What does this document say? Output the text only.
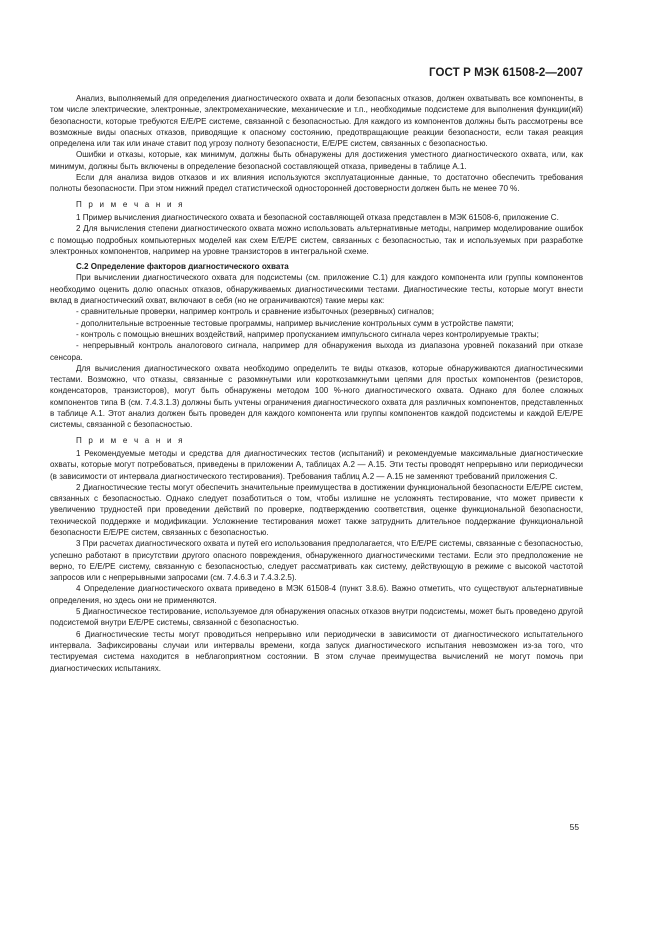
ГОСТ Р МЭК 61508-2—2007

Анализ, выполняемый для определения диагностического охвата и доли безопасных отказов, должен охватывать все компоненты, в том числе электрические, электронные, электромеханические, механические и т.п., необходимые подсистеме для выполнения функции(ий) безопасности, которые требуются E/E/PE системе, связанной с безопасностью. Для каждого из компонентов должны быть рассмотрены все возможные виды опасных отказов, приводящие к опасному состоянию, предотвращающие реакции безопасности, если такая реакция определена или так или иначе ставит под угрозу полноту безопасности, E/E/PE систем, связанных с безопасностью.

Ошибки и отказы, которые, как минимум, должны быть обнаружены для достижения уместного диагностического охвата, или, как минимум, должны быть включены в определение безопасной составляющей отказа, приведены в таблице А.1.

Если для анализа видов отказов и их влияния используются эксплуатационные данные, то достаточно обеспечить требования полноты безопасности. При этом нижний предел статистической односторонней достоверности должен быть не менее 70 %.

П р и м е ч а н и я

1 Пример вычисления диагностического охвата и безопасной составляющей отказа представлен в МЭК 61508-6, приложение С.

2 Для вычисления степени диагностического охвата можно использовать альтернативные методы, например моделирование ошибок с помощью подробных компьютерных моделей как схем E/E/PE систем, связанных с безопасностью, так и используемых при разработке электронных компонентов, например на уровне транзисторов в интегральной схеме.

С.2 Определение факторов диагностического охвата

При вычислении диагностического охвата для подсистемы (см. приложение С.1) для каждого компонента или группы компонентов необходимо оценить долю опасных отказов, обнаруживаемых диагностическими тестами. Диагностические тесты, которые могут внести вклад в диагностический охват, включают в себя (но не ограничиваются) такие меры как:

- сравнительные проверки, например контроль и сравнение избыточных (резервных) сигналов;

- дополнительные встроенные тестовые программы, например вычисление контрольных сумм в устройстве памяти;

- контроль с помощью внешних воздействий, например пропусканием импульсного сигнала через контролируемые тракты;

- непрерывный контроль аналогового сигнала, например для обнаружения выхода из диапазона уровней показаний при отказе сенсора.

Для вычисления диагностического охвата необходимо определить те виды отказов, которые обнаруживаются диагностическими тестами. Возможно, что отказы, связанные с разомкнутыми или короткозамкнутыми цепями для простых компонентов (резисторов, конденсаторов, транзисторов), могут быть обнаружены методом 100 %-ного диагностического охвата. Однако для более сложных компонентов типа В (см. 7.4.3.1.3) должны быть учтены ограничения диагностического охвата для различных компонентов, представленных в таблице А.1. Этот анализ должен быть проведен для каждого компонента или группы компонентов каждой подсистемы и каждой E/E/PE системы, связанной с безопасностью.

П р и м е ч а н и я

1 Рекомендуемые методы и средства для диагностических тестов (испытаний) и рекомендуемые максимальные диагностические охваты, которые могут потребоваться, приведены в приложении А, таблицах А.2 — А.15. Эти тесты проводят непрерывно или периодически (в зависимости от интервала диагностического тестирования). Требования таблиц А.2 — А.15 не заменяют требований приложения С.

2 Диагностические тесты могут обеспечить значительные преимущества в достижении функциональной безопасности E/E/PE систем, связанных с безопасностью. Однако следует позаботиться о том, чтобы излишне не усложнять тестирование, что может привести к увеличению трудностей при проведении действий по проверке, подтверждению соответствия, оценке функциональной безопасности, технической поддержке и модификации. Усложнение тестирования может также затруднить длительное поддержание функциональной безопасности E/E/PE систем, связанных с безопасностью.

3 При расчетах диагностического охвата и путей его использования предполагается, что E/E/PE системы, связанные с безопасностью, успешно работают в присутствии другого опасного повреждения, обнаруженного диагностическими тестами. Если это предположение не верно, то E/E/PE систему, связанную с безопасностью, следует рассматривать как систему, действующую в режиме с высокой частотой запросов или с непрерывными запросами (см. 7.4.6.3 и 7.4.3.2.5).

4 Определение диагностического охвата приведено в МЭК 61508-4 (пункт 3.8.6). Важно отметить, что существуют альтернативные определения, но здесь они не применяются.

5 Диагностическое тестирование, используемое для обнаружения опасных отказов внутри подсистемы, может быть проведено другой подсистемой внутри E/E/PE системы, связанной с безопасностью.

6 Диагностические тесты могут проводиться непрерывно или периодически в зависимости от диагностического испытательного интервала. Зафиксированы случаи или интервалы времени, когда запуск диагностического испытания невозможен из-за того, что тестируемая система находится в неблагоприятном состоянии. В этом случае преимущества вычислений не могут помочь при диагностических испытаниях.

55
